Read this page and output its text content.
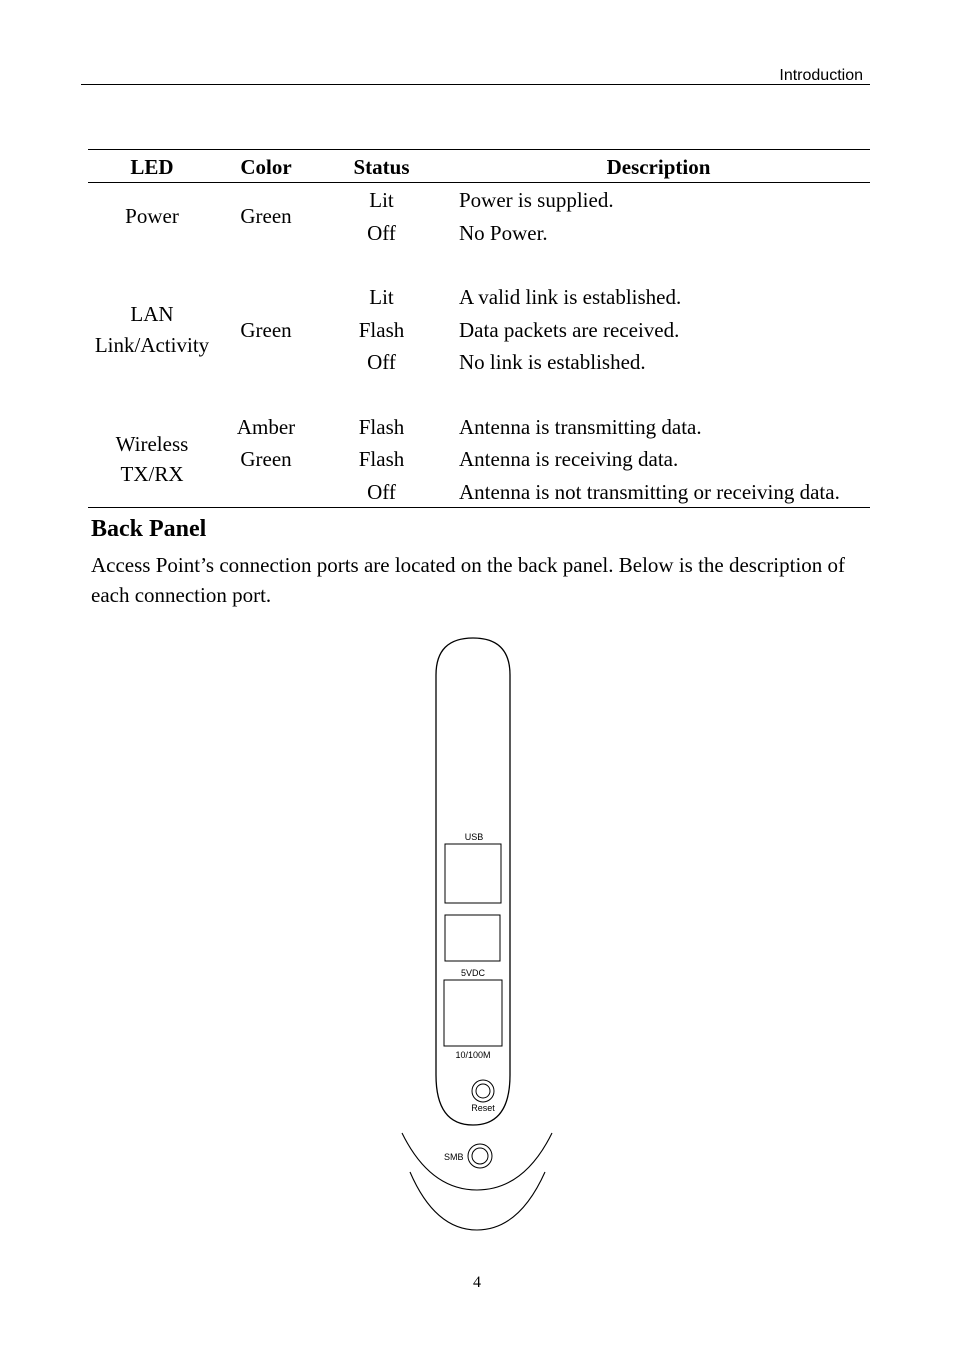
Introduction
LED	Color	Status	Description
Power	Green	Lit	Power is supplied.
		Off	No Power.

LAN
Link/Activity	Green	Lit	A valid link is established.
		Flash	Data packets are received.
		Off	No link is established.

Wireless
TX/RX	Amber	Flash	Antenna is transmitting data.
	Green	Flash	Antenna is receiving data.
		Off	Antenna is not transmitting or receiving data.
Back Panel

Access Point’s connection ports are located on the back panel. Below is the description of each connection port.

USB
5VDC
10/100M
Reset
SMB
4
